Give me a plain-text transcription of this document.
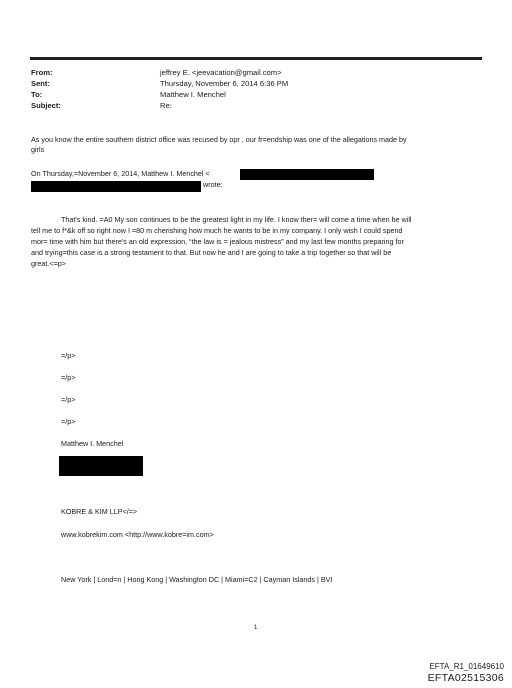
From:	jeffrey E. <jeevacation@gmail.com>
Sent:	Thursday, November 6, 2014 6:36 PM
To:	Matthew I. Menchel
Subject:	Re:
As you know the entire southern district office was recused by opr , our fr=endship was one of the allegations made by
girls
On Thursday,=November 6, 2014, Matthew I. Menchel <
wrote:
That's kind. =A0 My son continues to be the greatest light in my life. I know ther= will come a time when he will
tell me to f*&k off so right now I =80 m cherishing how much he wants to be in my company. I only wish I could spend
mor= time with him but there's an old expression, “the law is = jealous mistress” and my last few months preparing for
and trying=this case is a strong testament to that. But now he and I are going to take a trip together so that will be
great.<=p>
=/p>
=/p>
=/p>
=/p>
Matthew I. Menchel
KOBRE & KIM LLP</=>
www.kobrekim.com <http://www.kobre=im.com>
New York | Lond=n | Hong Kong | Washington DC | Miami=C2 | Cayman Islands | BVI
1
EFTA_R1_01649610
EFTA02515306
